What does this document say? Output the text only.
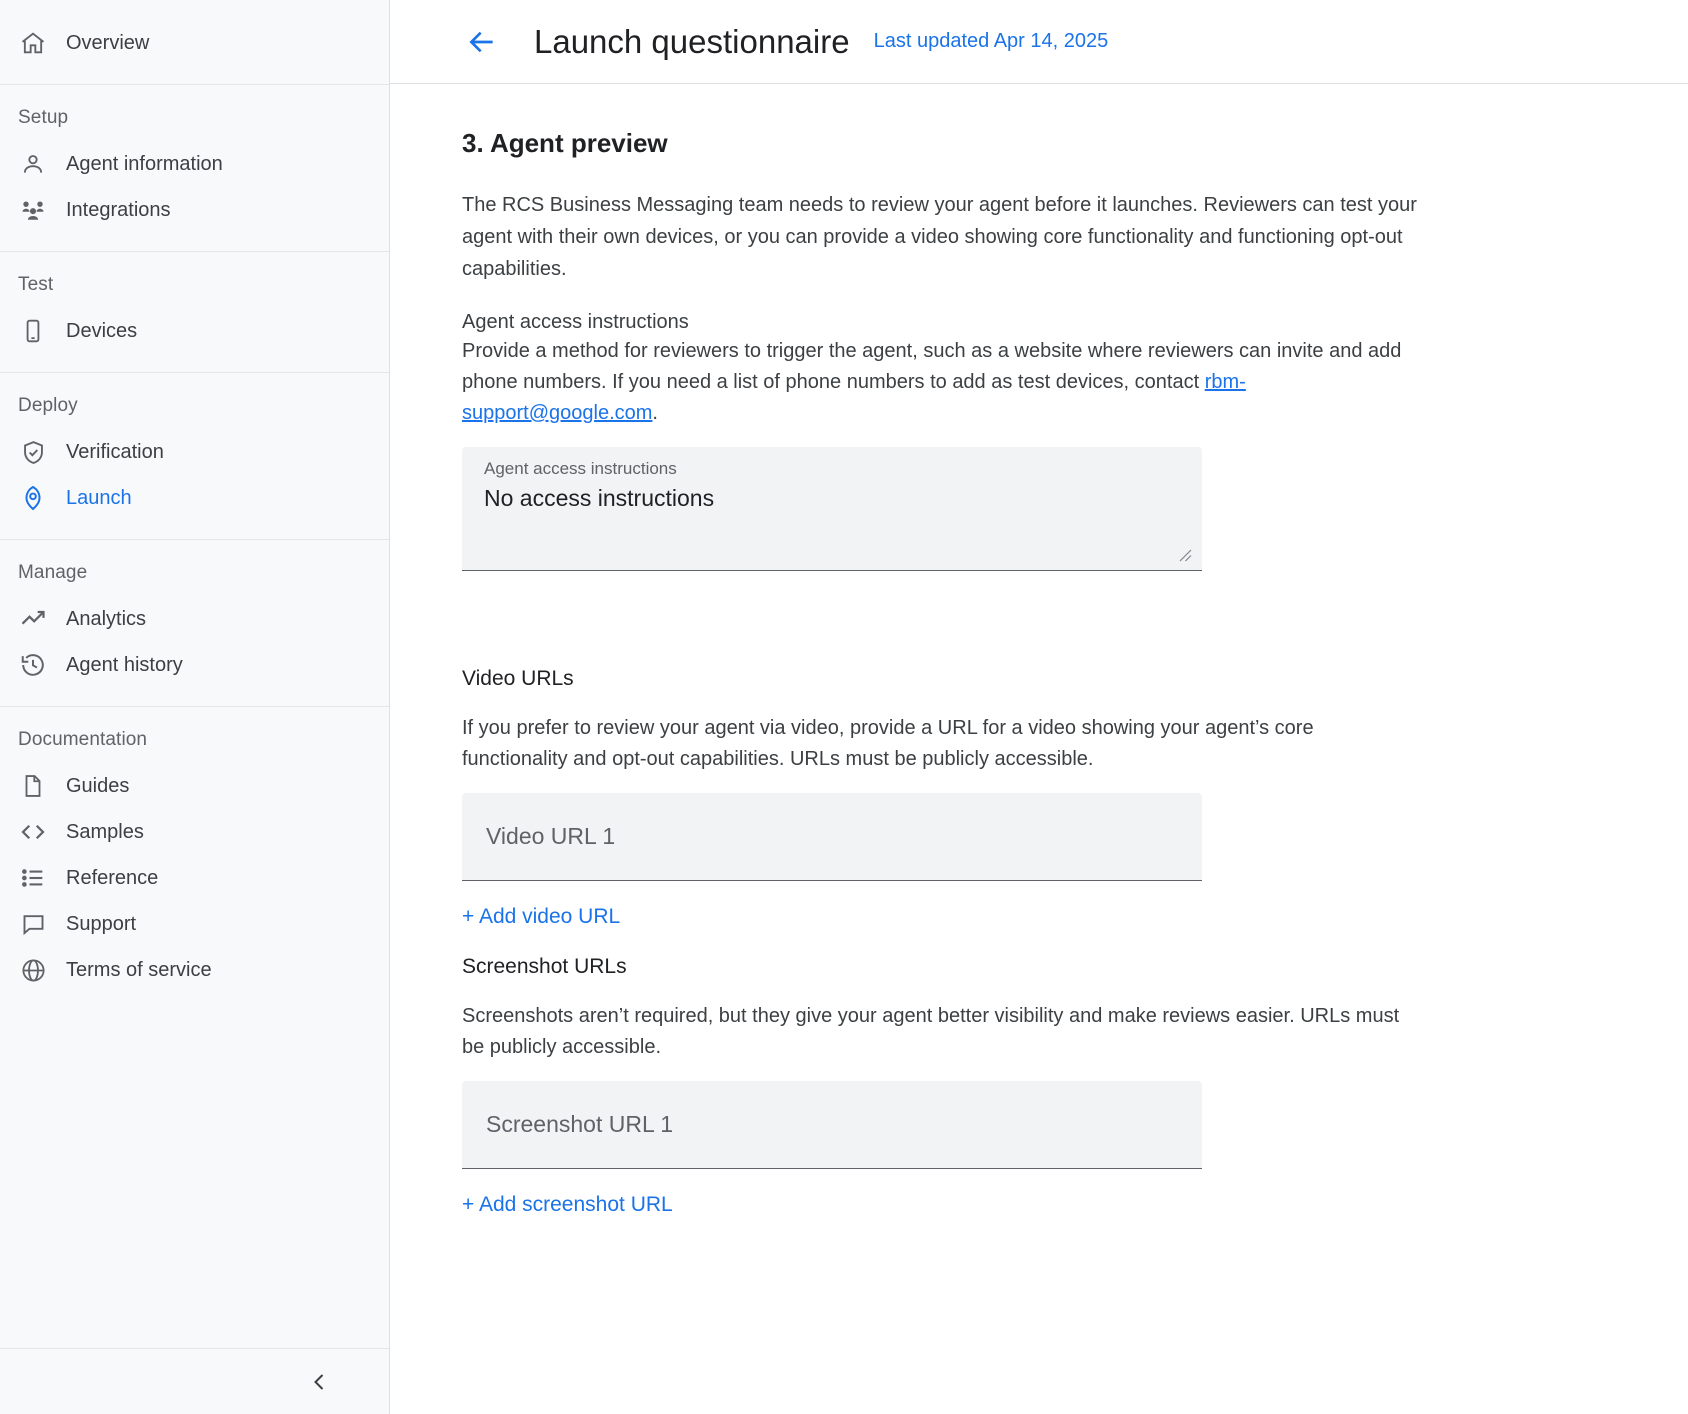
Overview
Setup
Agent information
Integrations
Test
Devices
Deploy
Verification
Launch
Manage
Analytics
Agent history
Documentation
Guides
Samples
Reference
Support
Terms of service
Launch questionnaire Last updated Apr 14, 2025
3. Agent preview

The RCS Business Messaging team needs to review your agent before it launches. Reviewers can test your agent with their own devices, or you can provide a video showing core functionality and functioning opt-out capabilities.

Agent access instructions

Provide a method for reviewers to trigger the agent, such as a website where reviewers can invite and add phone numbers. If you need a list of phone numbers to add as test devices, contact rbm-support@google.com.

Agent access instructions
No access instructions
Video URLs

If you prefer to review your agent via video, provide a URL for a video showing your agent’s core functionality and opt-out capabilities. URLs must be publicly accessible.

Video URL 1
+ Add video URL
Screenshot URLs

Screenshots aren’t required, but they give your agent better visibility and make reviews easier. URLs must be publicly accessible.

Screenshot URL 1
+ Add screenshot URL
